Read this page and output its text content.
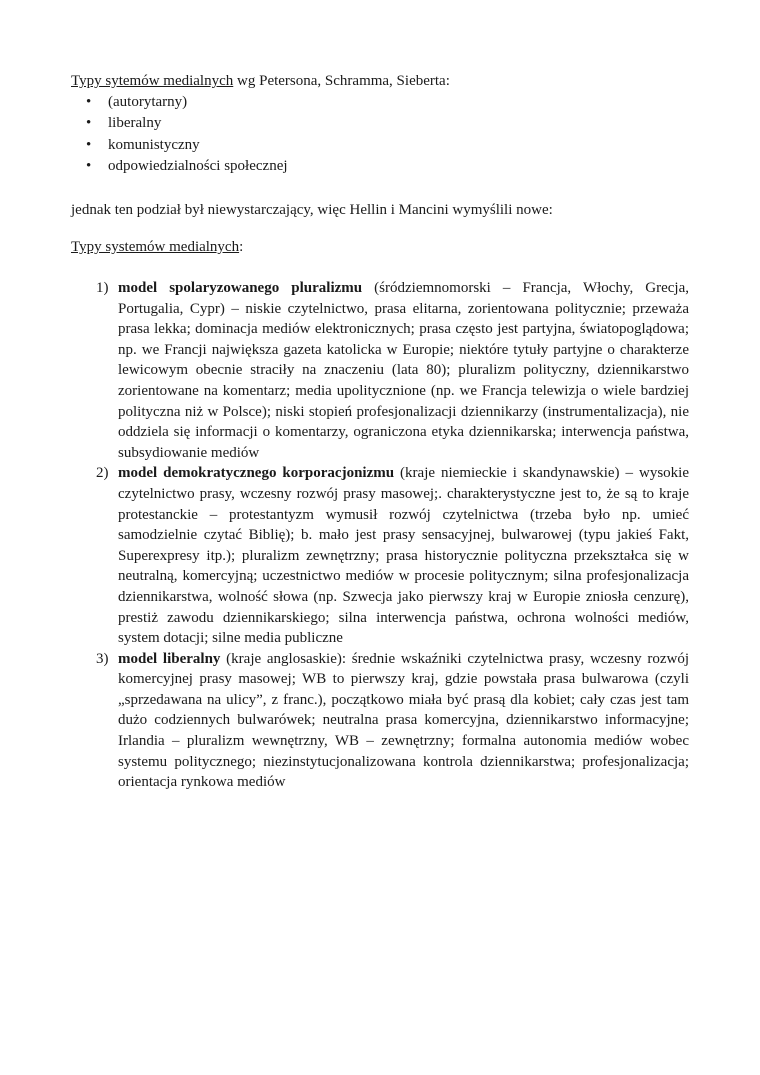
Typy sytemów medialnych wg Petersona, Schramma, Sieberta:
• (autorytarny)
• liberalny
• komunistyczny
• odpowiedzialności społecznej
jednak ten podział był niewystarczający, więc Hellin i Mancini wymyślili nowe:
Typy systemów medialnych:
1) model spolaryzowanego pluralizmu (śródziemnomorski – Francja, Włochy, Grecja, Portugalia, Cypr) – niskie czytelnictwo, prasa elitarna, zorientowana politycznie; przeważa prasa lekka; dominacja mediów elektronicznych; prasa często jest partyjna, światopoglądowa; np. we Francji największa gazeta katolicka w Europie; niektóre tytuły partyjne o charakterze lewicowym obecnie straciły na znaczeniu (lata 80); pluralizm polityczny, dziennikarstwo zorientowane na komentarz; media upolitycznione (np. we Francja telewizja o wiele bardziej polityczna niż w Polsce); niski stopień profesjonalizacji dziennikarzy (instrumentalizacja), nie oddziela się informacji o komentarzy, ograniczona etyka dziennikarska; interwencja państwa, subsydiowanie mediów
2) model demokratycznego korporacjonizmu (kraje niemieckie i skandynawskie) – wysokie czytelnictwo prasy, wczesny rozwój prasy masowej;. charakterystyczne jest to, że są to kraje protestanckie – protestantyzm wymusił rozwój czytelnictwa (trzeba było np. umieć samodzielnie czytać Biblię); b. mało jest prasy sensacyjnej, bulwarowej (typu jakieś Fakt, Superexpresy itp.); pluralizm zewnętrzny; prasa historycznie polityczna przekształca się w neutralną, komercyjną; uczestnictwo mediów w procesie politycznym; silna profesjonalizacja dziennikarstwa, wolność słowa (np. Szwecja jako pierwszy kraj w Europie zniosła cenzurę), prestiż zawodu dziennikarskiego; silna interwencja państwa, ochrona wolności mediów, system dotacji; silne media publiczne
3) model liberalny (kraje anglosaskie): średnie wskaźniki czytelnictwa prasy, wczesny rozwój komercyjnej prasy masowej; WB to pierwszy kraj, gdzie powstała prasa bulwarowa (czyli „sprzedawana na ulicy”, z franc.), początkowo miała być prasą dla kobiet; cały czas jest tam dużo codziennych bulwarówek; neutralna prasa komercyjna, dziennikarstwo informacyjne; Irlandia – pluralizm wewnętrzny, WB – zewnętrzny; formalna autonomia mediów wobec systemu politycznego; niezinstytucjonalizowana kontrola dziennikarstwa; profesjonalizacja; orientacja rynkowa mediów
